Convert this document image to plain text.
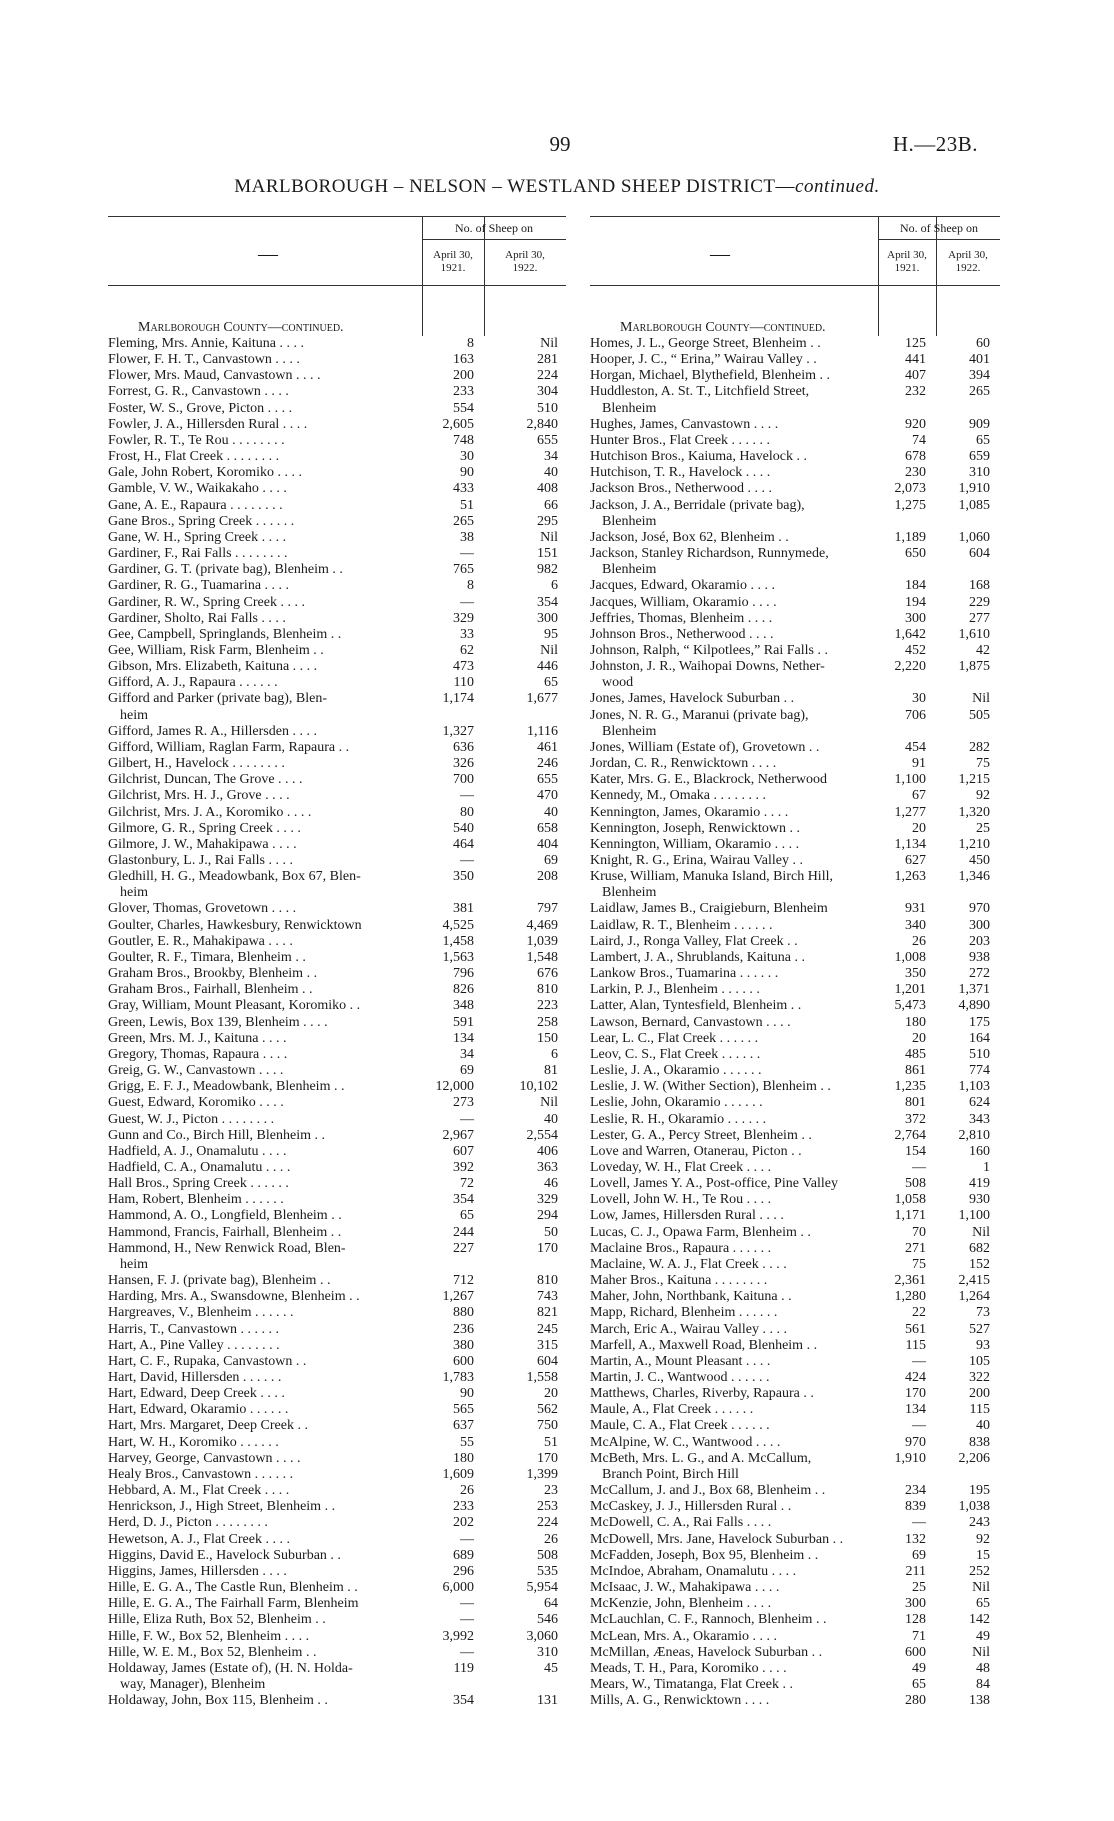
99	H.—23B.
MARLBOROUGH – NELSON – WESTLAND SHEEP DISTRICT—continued.
—
No. of Sheep on
April 30,
1921.
April 30,
1922.
Marlborough County—continued.
Fleming, Mrs. Annie, Kaituna . . . .	8	Nil
Flower, F. H. T., Canvastown . . . .	163	281
Flower, Mrs. Maud, Canvastown . . . .	200	224
Forrest, G. R., Canvastown . . . .	233	304
Foster, W. S., Grove, Picton . . . .	554	510
Fowler, J. A., Hillersden Rural . . . .	2,605	2,840
Fowler, R. T., Te Rou . . . . . . . .	748	655
Frost, H., Flat Creek . . . . . . . .	30	34
Gale, John Robert, Koromiko . . . .	90	40
Gamble, V. W., Waikakaho . . . .	433	408
Gane, A. E., Rapaura . . . . . . . .	51	66
Gane Bros., Spring Creek . . . . . .	265	295
Gane, W. H., Spring Creek . . . .	38	Nil
Gardiner, F., Rai Falls . . . . . . . .	—	151
Gardiner, G. T. (private bag), Blenheim . .	765	982
Gardiner, R. G., Tuamarina . . . .	8	6
Gardiner, R. W., Spring Creek . . . .	—	354
Gardiner, Sholto, Rai Falls . . . .	329	300
Gee, Campbell, Springlands, Blenheim . .	33	95
Gee, William, Risk Farm, Blenheim . .	62	Nil
Gibson, Mrs. Elizabeth, Kaituna . . . .	473	446
Gifford, A. J., Rapaura . . . . . .	110	65
Gifford and Parker (private bag), Blen-	1,174	1,677
heim
Gifford, James R. A., Hillersden . . . .	1,327	1,116
Gifford, William, Raglan Farm, Rapaura . .	636	461
Gilbert, H., Havelock . . . . . . . .	326	246
Gilchrist, Duncan, The Grove . . . .	700	655
Gilchrist, Mrs. H. J., Grove . . . .	—	470
Gilchrist, Mrs. J. A., Koromiko . . . .	80	40
Gilmore, G. R., Spring Creek . . . .	540	658
Gilmore, J. W., Mahakipawa . . . .	464	404
Glastonbury, L. J., Rai Falls . . . .	—	69
Gledhill, H. G., Meadowbank, Box 67, Blen-	350	208
heim
Glover, Thomas, Grovetown . . . .	381	797
Goulter, Charles, Hawkesbury, Renwicktown	4,525	4,469
Goutler, E. R., Mahakipawa . . . .	1,458	1,039
Goulter, R. F., Timara, Blenheim . .	1,563	1,548
Graham Bros., Brookby, Blenheim . .	796	676
Graham Bros., Fairhall, Blenheim . .	826	810
Gray, William, Mount Pleasant, Koromiko . .	348	223
Green, Lewis, Box 139, Blenheim . . . .	591	258
Green, Mrs. M. J., Kaituna . . . .	134	150
Gregory, Thomas, Rapaura . . . .	34	6
Greig, G. W., Canvastown . . . .	69	81
Grigg, E. F. J., Meadowbank, Blenheim . .	12,000	10,102
Guest, Edward, Koromiko . . . .	273	Nil
Guest, W. J., Picton . . . . . . . .	—	40
Gunn and Co., Birch Hill, Blenheim . .	2,967	2,554
Hadfield, A. J., Onamalutu . . . .	607	406
Hadfield, C. A., Onamalutu . . . .	392	363
Hall Bros., Spring Creek . . . . . .	72	46
Ham, Robert, Blenheim . . . . . .	354	329
Hammond, A. O., Longfield, Blenheim . .	65	294
Hammond, Francis, Fairhall, Blenheim . .	244	50
Hammond, H., New Renwick Road, Blen-	227	170
heim
Hansen, F. J. (private bag), Blenheim . .	712	810
Harding, Mrs. A., Swansdowne, Blenheim . .	1,267	743
Hargreaves, V., Blenheim . . . . . .	880	821
Harris, T., Canvastown . . . . . .	236	245
Hart, A., Pine Valley . . . . . . . .	380	315
Hart, C. F., Rupaka, Canvastown . .	600	604
Hart, David, Hillersden . . . . . .	1,783	1,558
Hart, Edward, Deep Creek . . . .	90	20
Hart, Edward, Okaramio . . . . . .	565	562
Hart, Mrs. Margaret, Deep Creek . .	637	750
Hart, W. H., Koromiko . . . . . .	55	51
Harvey, George, Canvastown . . . .	180	170
Healy Bros., Canvastown . . . . . .	1,609	1,399
Hebbard, A. M., Flat Creek . . . .	26	23
Henrickson, J., High Street, Blenheim . .	233	253
Herd, D. J., Picton . . . . . . . .	202	224
Hewetson, A. J., Flat Creek . . . .	—	26
Higgins, David E., Havelock Suburban . .	689	508
Higgins, James, Hillersden . . . .	296	535
Hille, E. G. A., The Castle Run, Blenheim . .	6,000	5,954
Hille, E. G. A., The Fairhall Farm, Blenheim	—	64
Hille, Eliza Ruth, Box 52, Blenheim . .	—	546
Hille, F. W., Box 52, Blenheim . . . .	3,992	3,060
Hille, W. E. M., Box 52, Blenheim . .	—	310
Holdaway, James (Estate of), (H. N. Holda-	119	45
way, Manager), Blenheim
Holdaway, John, Box 115, Blenheim . .	354	131
—
No. of Sheep on
April 30,
1921.
April 30,
1922.
Marlborough County—continued.
Homes, J. L., George Street, Blenheim . .	125	60
Hooper, J. C., “ Erina,” Wairau Valley . .	441	401
Horgan, Michael, Blythefield, Blenheim . .	407	394
Huddleston, A. St. T., Litchfield Street,	232	265
Blenheim
Hughes, James, Canvastown . . . .	920	909
Hunter Bros., Flat Creek . . . . . .	74	65
Hutchison Bros., Kaiuma, Havelock . .	678	659
Hutchison, T. R., Havelock . . . .	230	310
Jackson Bros., Netherwood . . . .	2,073	1,910
Jackson, J. A., Berridale (private bag),	1,275	1,085
Blenheim
Jackson, José, Box 62, Blenheim . .	1,189	1,060
Jackson, Stanley Richardson, Runnymede,	650	604
Blenheim
Jacques, Edward, Okaramio . . . .	184	168
Jacques, William, Okaramio . . . .	194	229
Jeffries, Thomas, Blenheim . . . .	300	277
Johnson Bros., Netherwood . . . .	1,642	1,610
Johnson, Ralph, “ Kilpotlees,” Rai Falls . .	452	42
Johnston, J. R., Waihopai Downs, Nether-	2,220	1,875
wood
Jones, James, Havelock Suburban . .	30	Nil
Jones, N. R. G., Maranui (private bag),	706	505
Blenheim
Jones, William (Estate of), Grovetown . .	454	282
Jordan, C. R., Renwicktown . . . .	91	75
Kater, Mrs. G. E., Blackrock, Netherwood	1,100	1,215
Kennedy, M., Omaka . . . . . . . .	67	92
Kennington, James, Okaramio . . . .	1,277	1,320
Kennington, Joseph, Renwicktown . .	20	25
Kennington, William, Okaramio . . . .	1,134	1,210
Knight, R. G., Erina, Wairau Valley . .	627	450
Kruse, William, Manuka Island, Birch Hill,	1,263	1,346
Blenheim
Laidlaw, James B., Craigieburn, Blenheim	931	970
Laidlaw, R. T., Blenheim . . . . . .	340	300
Laird, J., Ronga Valley, Flat Creek . .	26	203
Lambert, J. A., Shrublands, Kaituna . .	1,008	938
Lankow Bros., Tuamarina . . . . . .	350	272
Larkin, P. J., Blenheim . . . . . .	1,201	1,371
Latter, Alan, Tyntesfield, Blenheim . .	5,473	4,890
Lawson, Bernard, Canvastown . . . .	180	175
Lear, L. C., Flat Creek . . . . . .	20	164
Leov, C. S., Flat Creek . . . . . .	485	510
Leslie, J. A., Okaramio . . . . . .	861	774
Leslie, J. W. (Wither Section), Blenheim . .	1,235	1,103
Leslie, John, Okaramio . . . . . .	801	624
Leslie, R. H., Okaramio . . . . . .	372	343
Lester, G. A., Percy Street, Blenheim . .	2,764	2,810
Love and Warren, Otanerau, Picton . .	154	160
Loveday, W. H., Flat Creek . . . .	—	1
Lovell, James Y. A., Post-office, Pine Valley	508	419
Lovell, John W. H., Te Rou . . . .	1,058	930
Low, James, Hillersden Rural . . . .	1,171	1,100
Lucas, C. J., Opawa Farm, Blenheim . .	70	Nil
Maclaine Bros., Rapaura . . . . . .	271	682
Maclaine, W. A. J., Flat Creek . . . .	75	152
Maher Bros., Kaituna . . . . . . . .	2,361	2,415
Maher, John, Northbank, Kaituna . .	1,280	1,264
Mapp, Richard, Blenheim . . . . . .	22	73
March, Eric A., Wairau Valley . . . .	561	527
Marfell, A., Maxwell Road, Blenheim . .	115	93
Martin, A., Mount Pleasant . . . .	—	105
Martin, J. C., Wantwood . . . . . .	424	322
Matthews, Charles, Riverby, Rapaura . .	170	200
Maule, A., Flat Creek . . . . . .	134	115
Maule, C. A., Flat Creek . . . . . .	—	40
McAlpine, W. C., Wantwood . . . .	970	838
McBeth, Mrs. L. G., and A. McCallum,	1,910	2,206
Branch Point, Birch Hill
McCallum, J. and J., Box 68, Blenheim . .	234	195
McCaskey, J. J., Hillersden Rural . .	839	1,038
McDowell, C. A., Rai Falls . . . .	—	243
McDowell, Mrs. Jane, Havelock Suburban . .	132	92
McFadden, Joseph, Box 95, Blenheim . .	69	15
McIndoe, Abraham, Onamalutu . . . .	211	252
McIsaac, J. W., Mahakipawa . . . .	25	Nil
McKenzie, John, Blenheim . . . .	300	65
McLauchlan, C. F., Rannoch, Blenheim . .	128	142
McLean, Mrs. A., Okaramio . . . .	71	49
McMillan, Æneas, Havelock Suburban . .	600	Nil
Meads, T. H., Para, Koromiko . . . .	49	48
Mears, W., Timatanga, Flat Creek . .	65	84
Mills, A. G., Renwicktown . . . .	280	138
